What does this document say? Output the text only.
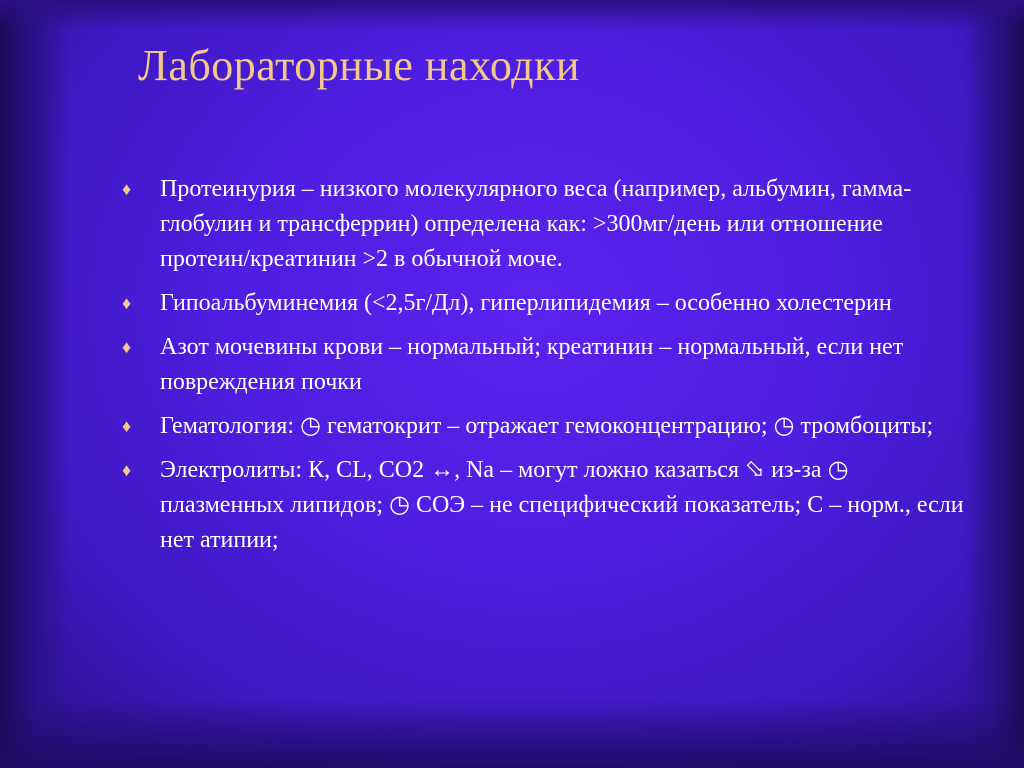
Лабораторные находки
♦ Протеинурия – низкого молекулярного веса (например, альбумин, гамма-глобулин и трансферрин) определена как: >300мг/день или отношение протеин/креатинин >2 в обычной моче.
♦ Гипоальбуминемия (<2,5г/Дл), гиперлипидемия – особенно холестерин
♦ Азот мочевины крови – нормальный; креатинин – нормальный, если нет повреждения почки
♦ Гематология: ◷ гематокрит – отражает гемоконцентрацию; ◷ тромбоциты;
♦ Электролиты: К, CL, СО2 ↔, Na – могут ложно казаться ⬂ из-за ◷ плазменных липидов; ◷ СОЭ – не специфический показатель; С – норм., если нет атипии;
